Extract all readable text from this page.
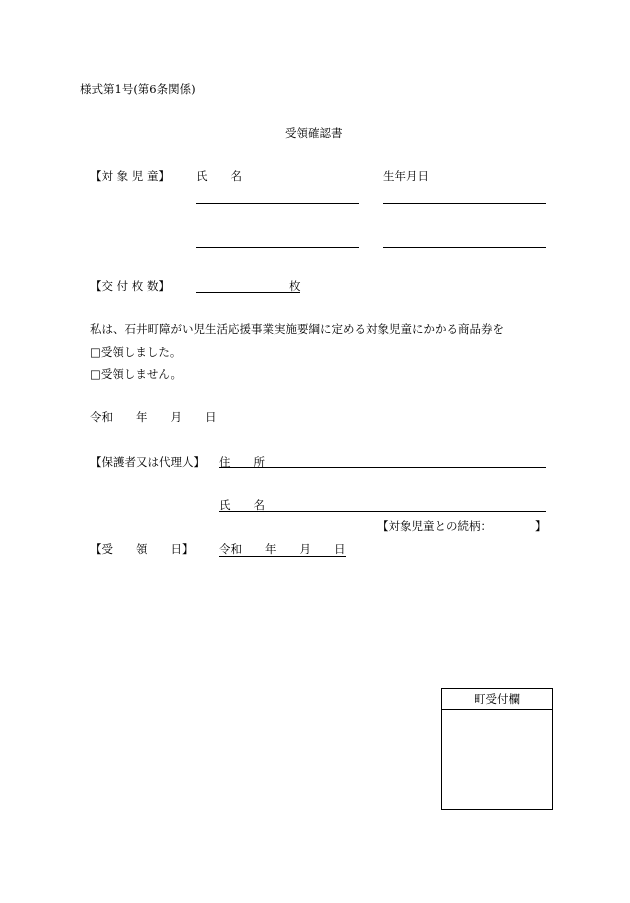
様式第1号(第6条関係)
受領確認書
【対 象 児 童】 氏　　名	生年月日
【交 付 枚 数】	枚
私は、石井町障がい児生活応援事業実施要綱に定める対象児童にかかる商品券を
□受領しました。
□受領しません。
令和　　年　　月　　日
【保護者又は代理人】 住　　所
氏　　名
【対象児童との続柄：	】
【受　　領　　日】 令和　　年　　月　　日
町受付欄
